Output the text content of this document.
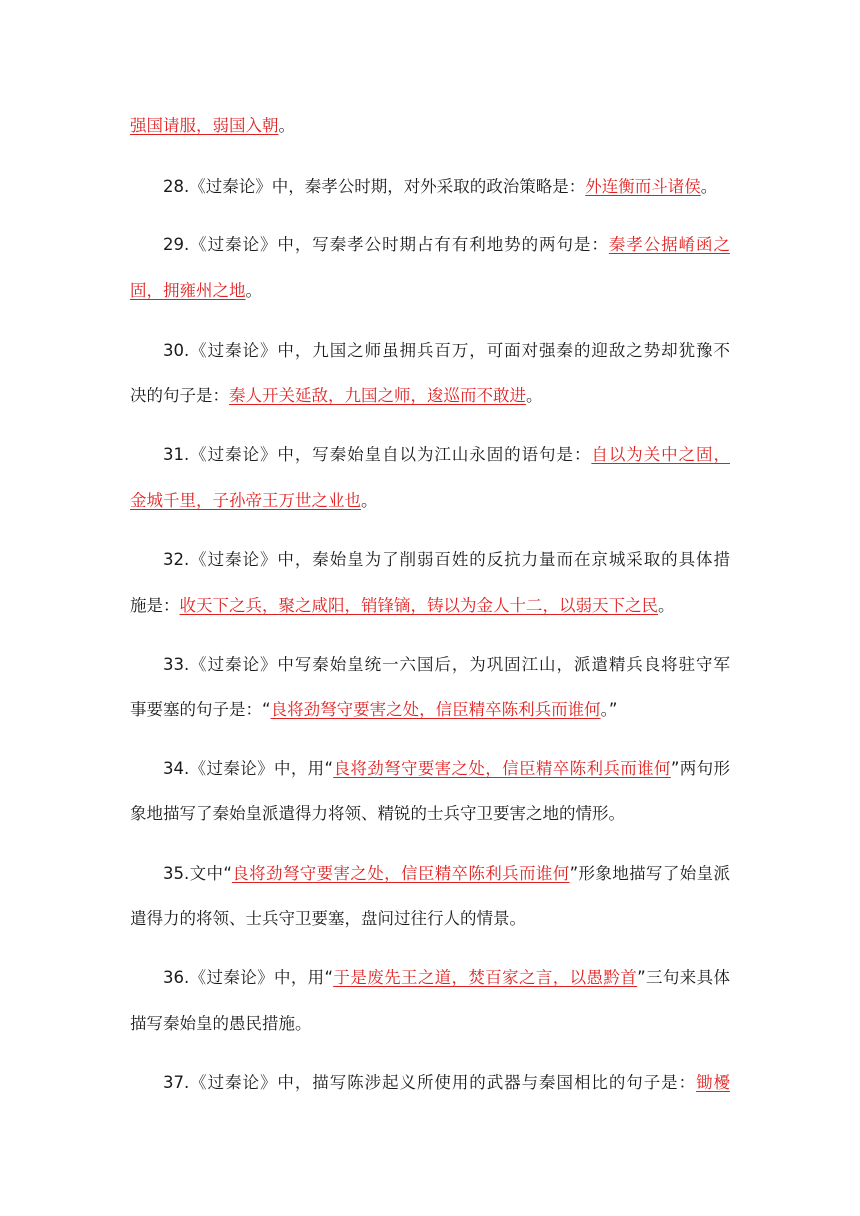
强国请服，弱国入朝。
28.《过秦论》中，秦孝公时期，对外采取的政治策略是：外连衡而斗诸侯。
29.《过秦论》中，写秦孝公时期占有有利地势的两句是：秦孝公据崤函之
固，拥雍州之地。
30.《过秦论》中，九国之师虽拥兵百万，可面对强秦的迎敌之势却犹豫不
决的句子是：秦人开关延敌，九国之师，逡巡而不敢进。
31.《过秦论》中，写秦始皇自以为江山永固的语句是：自以为关中之固，
金城千里，子孙帝王万世之业也。
32.《过秦论》中，秦始皇为了削弱百姓的反抗力量而在京城采取的具体措
施是：收天下之兵，聚之咸阳，销锋镝，铸以为金人十二，以弱天下之民。
33.《过秦论》中写秦始皇统一六国后，为巩固江山，派遣精兵良将驻守军
事要塞的句子是：“良将劲弩守要害之处，信臣精卒陈利兵而谁何。”
34.《过秦论》中，用“良将劲弩守要害之处，信臣精卒陈利兵而谁何”两句形
象地描写了秦始皇派遣得力将领、精锐的士兵守卫要害之地的情形。
35.文中“良将劲弩守要害之处，信臣精卒陈利兵而谁何”形象地描写了始皇派
遣得力的将领、士兵守卫要塞，盘问过往行人的情景。
36.《过秦论》中，用“于是废先王之道，焚百家之言，以愚黔首”三句来具体
描写秦始皇的愚民措施。
37.《过秦论》中，描写陈涉起义所使用的武器与秦国相比的句子是：锄櫌
